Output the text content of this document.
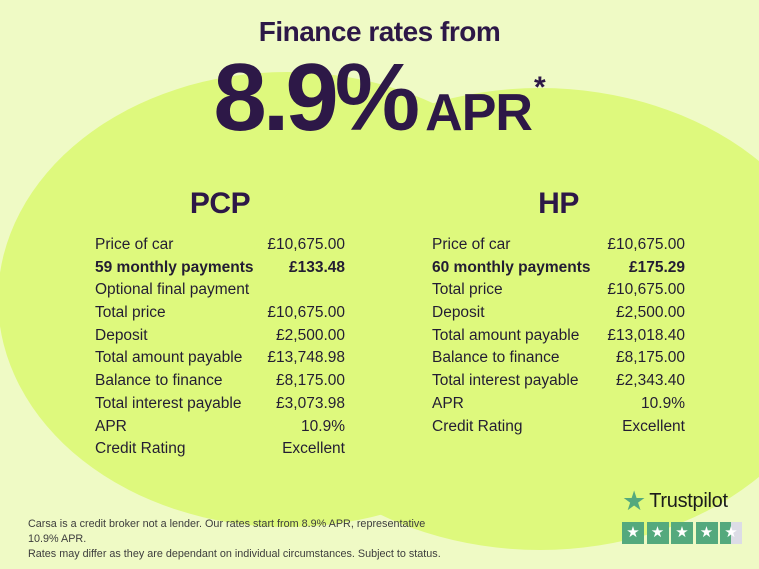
Finance rates from
8.9% APR*
PCP
Price of car	£10,675.00
59 monthly payments £133.48
Optional final payment
Total price	£10,675.00
Deposit	£2,500.00
Total amount payable £13,748.98
Balance to finance	£8,175.00
Total interest payable £3,073.98
APR	10.9%
Credit Rating	Excellent
HP
Price of car	£10,675.00
60 monthly payments £175.29
Total price	£10,675.00
Deposit	£2,500.00
Total amount payable £13,018.40
Balance to finance	£8,175.00
Total interest payable £2,343.40
APR	10.9%
Credit Rating	Excellent
Carsa is a credit broker not a lender. Our rates start from 8.9% APR, representative 10.9% APR.
Rates may differ as they are dependant on individual circumstances. Subject to status.
★ Trustpilot
★ ★ ★ ★ ★
